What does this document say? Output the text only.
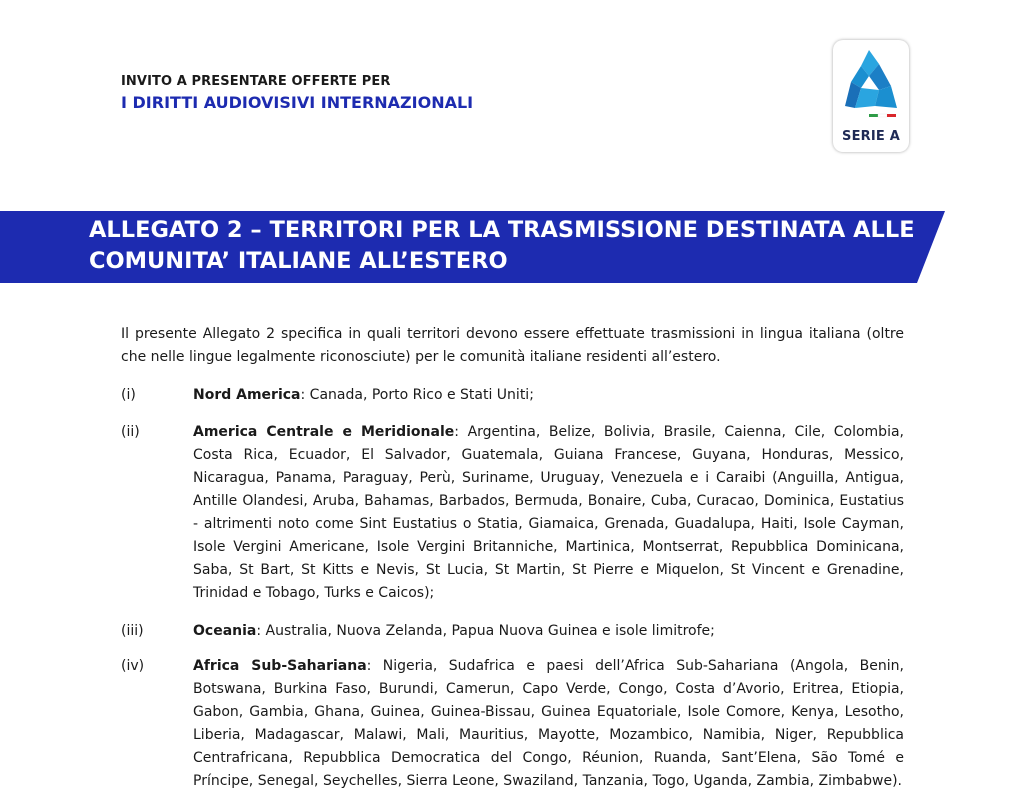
INVITO A PRESENTARE OFFERTE PER
I DIRITTI AUDIOVISIVI INTERNAZIONALI
SERIE A
ALLEGATO 2 – TERRITORI PER LA TRASMISSIONE DESTINATA ALLE
COMUNITA’ ITALIANE ALL’ESTERO

Il presente Allegato 2 specifica in quali territori devono essere effettuate trasmissioni in lingua italiana (oltre che nelle lingue legalmente riconosciute) per le comunità italiane residenti all’estero.

(i)	Nord America: Canada, Porto Rico e Stati Uniti;
(ii)	America Centrale e Meridionale: Argentina, Belize, Bolivia, Brasile, Caienna, Cile, Colombia, Costa Rica, Ecuador, El Salvador, Guatemala, Guiana Francese, Guyana, Honduras, Messico, Nicaragua, Panama, Paraguay, Perù, Suriname, Uruguay, Venezuela e i Caraibi (Anguilla, Antigua, Antille Olandesi, Aruba, Bahamas, Barbados, Bermuda, Bonaire, Cuba, Curacao, Dominica, Eustatius - altrimenti noto come Sint Eustatius o Statia, Giamaica, Grenada, Guadalupa, Haiti, Isole Cayman, Isole Vergini Americane, Isole Vergini Britanniche, Martinica, Montserrat, Repubblica Dominicana, Saba, St Bart, St Kitts e Nevis, St Lucia, St Martin, St Pierre e Miquelon, St Vincent e Grenadine, Trinidad e Tobago, Turks e Caicos);
(iii)	Oceania: Australia, Nuova Zelanda, Papua Nuova Guinea e isole limitrofe;
(iv)	Africa Sub-Sahariana: Nigeria, Sudafrica e paesi dell’Africa Sub-Sahariana (Angola, Benin, Botswana, Burkina Faso, Burundi, Camerun, Capo Verde, Congo, Costa d’Avorio, Eritrea, Etiopia, Gabon, Gambia, Ghana, Guinea, Guinea-Bissau, Guinea Equatoriale, Isole Comore, Kenya, Lesotho, Liberia, Madagascar, Malawi, Mali, Mauritius, Mayotte, Mozambico, Namibia, Niger, Repubblica Centrafricana, Repubblica Democratica del Congo, Réunion, Ruanda, Sant’Elena, São Tomé e Príncipe, Senegal, Seychelles, Sierra Leone, Swaziland, Tanzania, Togo, Uganda, Zambia, Zimbabwe).
